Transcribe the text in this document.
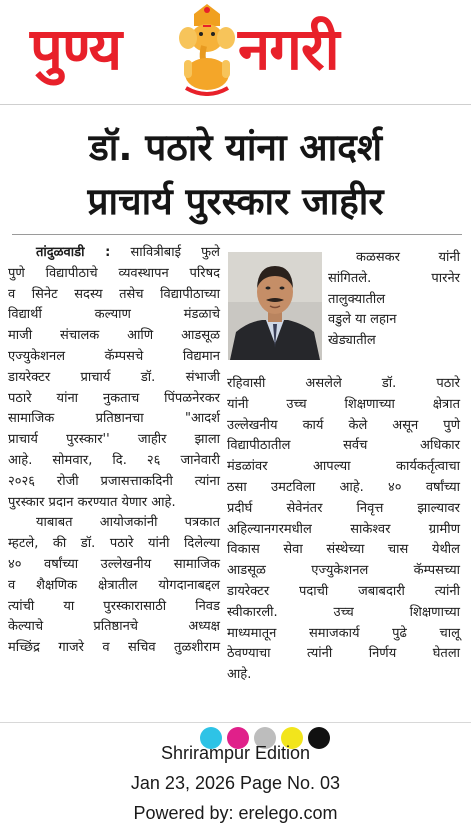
पुण्य नगरी
डॉ. पठारे यांना आदर्श
प्राचार्य पुरस्कार जाहीर
तांदुळवाडी : सावित्रीबाई फुले
पुणे विद्यापीठाचे व्यवस्थापन परिषद
व सिनेट सदस्य तसेच विद्यापीठाच्या
विद्यार्थी कल्याण मंडळाचे
माजी संचालक आणि आडसूळ
एज्युकेशनल कॅम्पसचे विद्यमान
डायरेक्टर प्राचार्य डॉ. संभाजी
पठारे यांना नुकताच पिंपळनेरकर
सामाजिक प्रतिष्ठानचा "आदर्श
प्राचार्य पुरस्कार'' जाहीर झाला
आहे. सोमवार, दि. २६ जानेवारी
२०२६ रोजी प्रजासत्ताकदिनी त्यांना
पुरस्कार प्रदान करण्यात येणार आहे.
याबाबत आयोजकांनी पत्रकात
म्हटले, की डॉ. पठारे यांनी दिलेल्या
४० वर्षांच्या उल्लेखनीय सामाजिक
व शैक्षणिक क्षेत्रातील योगदानाबद्दल
त्यांची या पुरस्कारासाठी निवड
केल्याचे प्रतिष्ठानचे अध्यक्ष
मच्छिंद्र गाजरे व सचिव तुळशीराम
कळसकर यांनी
सांगितले. पारनेर
तालुक्यातील
वडुले या लहान
खेड्यातील
रहिवासी असलेले डॉ. पठारे
यांनी उच्च शिक्षणाच्या क्षेत्रात
उल्लेखनीय कार्य केले असून पुणे
विद्यापीठातील सर्वच अधिकार
मंडळांवर आपल्या कार्यकर्तृत्वाचा
ठसा उमटविला आहे. ४० वर्षांच्या
प्रदीर्घ सेवेनंतर निवृत्त झाल्यावर
अहिल्यानगरमधील साकेश्वर ग्रामीण
विकास सेवा संस्थेच्या चास येथील
आडसूळ एज्युकेशनल कॅम्पसच्या
डायरेक्टर पदाची जबाबदारी त्यांनी
स्वीकारली. उच्च शिक्षणाच्या
माध्यमातून समाजकार्य पुढे चालू
ठेवण्याचा त्यांनी निर्णय घेतला
आहे.
Shrirampur Edition
Jan 23, 2026 Page No. 03
Powered by: erelego.com
